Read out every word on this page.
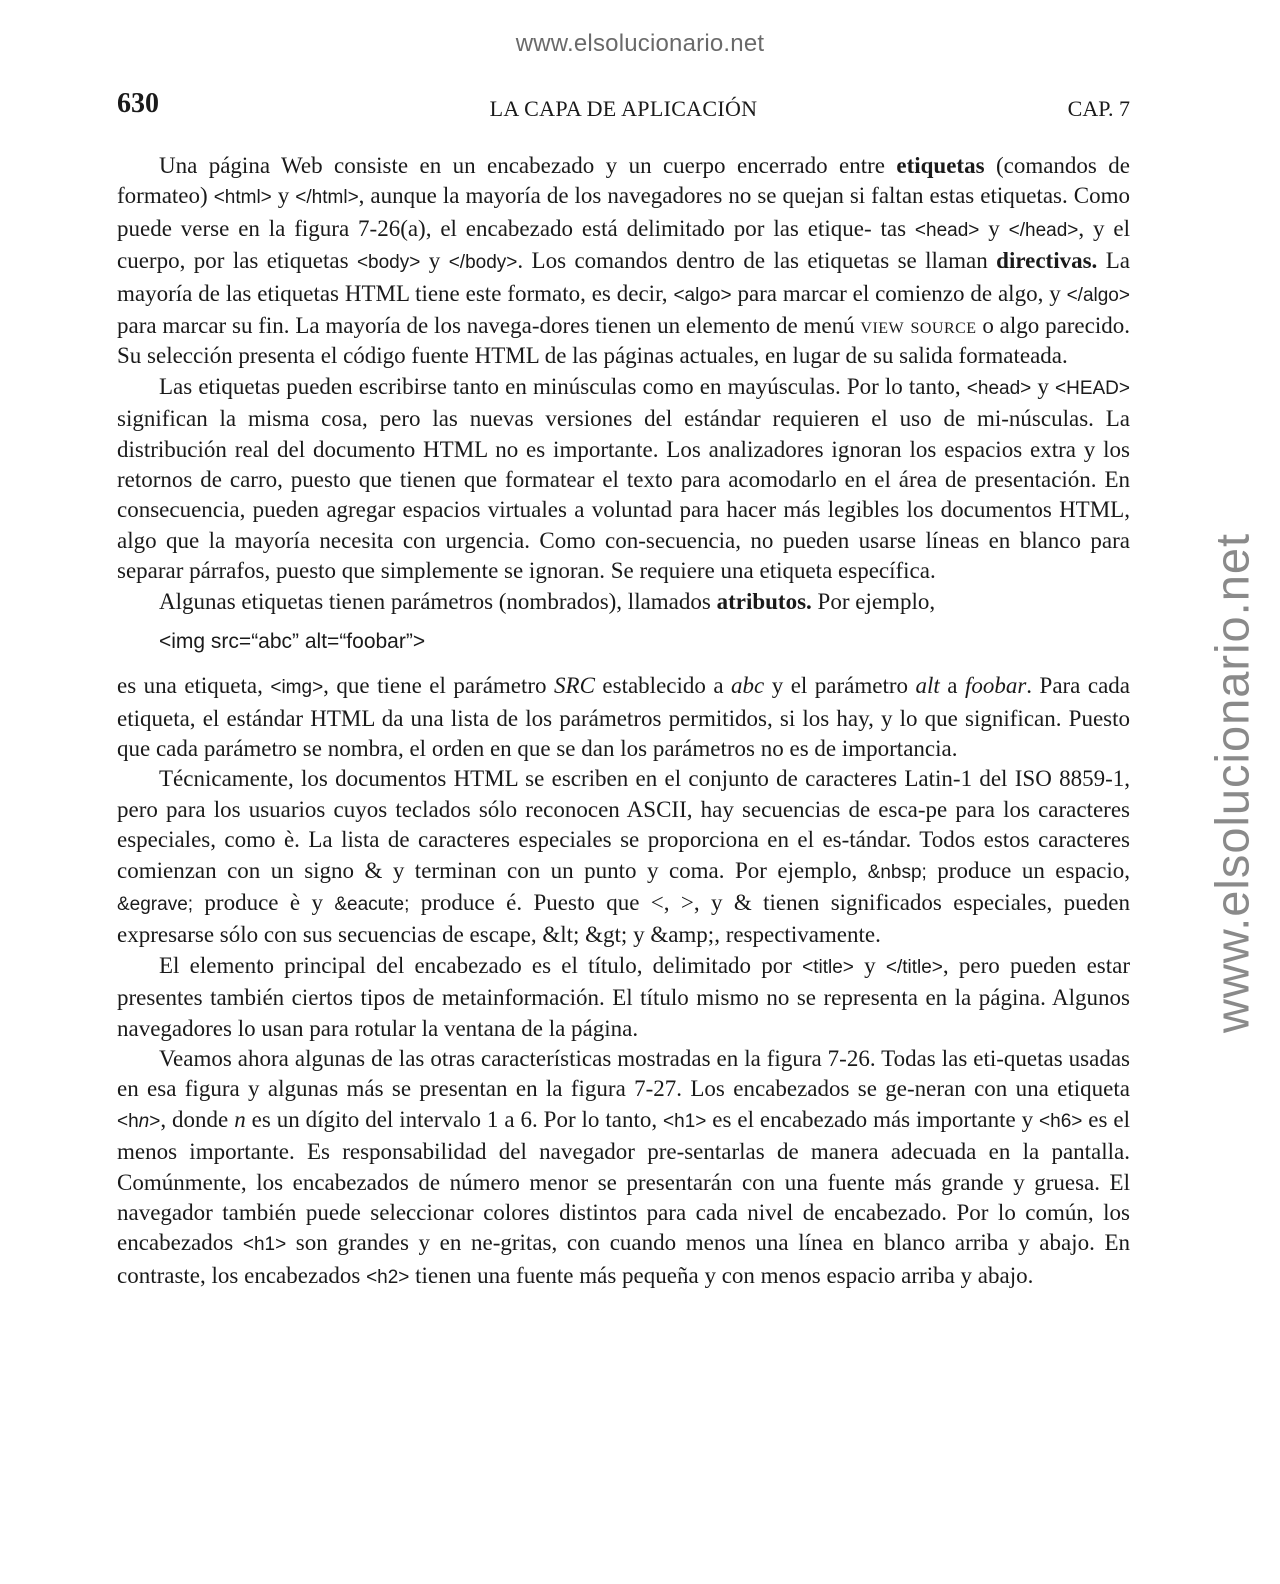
www.elsolucionario.net
www.elsolucionario.net
630	LA CAPA DE APLICACIÓN	CAP. 7

Una página Web consiste en un encabezado y un cuerpo encerrado entre etiquetas (comandos de formateo) <html> y </html>, aunque la mayoría de los navegadores no se quejan si faltan estas etiquetas. Como puede verse en la figura 7-26(a), el encabezado está delimitado por las etique- tas <head> y </head>, y el cuerpo, por las etiquetas <body> y </body>. Los comandos dentro de las etiquetas se llaman directivas. La mayoría de las etiquetas HTML tiene este formato, es decir, <algo> para marcar el comienzo de algo, y </algo> para marcar su fin. La mayoría de los navega-dores tienen un elemento de menú view source o algo parecido. Su selección presenta el código fuente HTML de las páginas actuales, en lugar de su salida formateada.

Las etiquetas pueden escribirse tanto en minúsculas como en mayúsculas. Por lo tanto, <head> y <HEAD> significan la misma cosa, pero las nuevas versiones del estándar requieren el uso de mi-núsculas. La distribución real del documento HTML no es importante. Los analizadores ignoran los espacios extra y los retornos de carro, puesto que tienen que formatear el texto para acomodarlo en el área de presentación. En consecuencia, pueden agregar espacios virtuales a voluntad para hacer más legibles los documentos HTML, algo que la mayoría necesita con urgencia. Como con-secuencia, no pueden usarse líneas en blanco para separar párrafos, puesto que simplemente se ignoran. Se requiere una etiqueta específica.

Algunas etiquetas tienen parámetros (nombrados), llamados atributos. Por ejemplo,

<img src=“abc” alt=“foobar”>

es una etiqueta, <img>, que tiene el parámetro SRC establecido a abc y el parámetro alt a foobar. Para cada etiqueta, el estándar HTML da una lista de los parámetros permitidos, si los hay, y lo que significan. Puesto que cada parámetro se nombra, el orden en que se dan los parámetros no es de importancia.

Técnicamente, los documentos HTML se escriben en el conjunto de caracteres Latin-1 del ISO 8859-1, pero para los usuarios cuyos teclados sólo reconocen ASCII, hay secuencias de esca-pe para los caracteres especiales, como è. La lista de caracteres especiales se proporciona en el es-tándar. Todos estos caracteres comienzan con un signo & y terminan con un punto y coma. Por ejemplo, &nbsp; produce un espacio, &egrave; produce è y &eacute; produce é. Puesto que <, >, y & tienen significados especiales, pueden expresarse sólo con sus secuencias de escape, &lt; &gt; y &amp;, respectivamente.

El elemento principal del encabezado es el título, delimitado por <title> y </title>, pero pueden estar presentes también ciertos tipos de metainformación. El título mismo no se representa en la página. Algunos navegadores lo usan para rotular la ventana de la página.

Veamos ahora algunas de las otras características mostradas en la figura 7-26. Todas las eti-quetas usadas en esa figura y algunas más se presentan en la figura 7-27. Los encabezados se ge-neran con una etiqueta <hn>, donde n es un dígito del intervalo 1 a 6. Por lo tanto, <h1> es el encabezado más importante y <h6> es el menos importante. Es responsabilidad del navegador pre-sentarlas de manera adecuada en la pantalla. Comúnmente, los encabezados de número menor se presentarán con una fuente más grande y gruesa. El navegador también puede seleccionar colores distintos para cada nivel de encabezado. Por lo común, los encabezados <h1> son grandes y en ne-gritas, con cuando menos una línea en blanco arriba y abajo. En contraste, los encabezados <h2> tienen una fuente más pequeña y con menos espacio arriba y abajo.
